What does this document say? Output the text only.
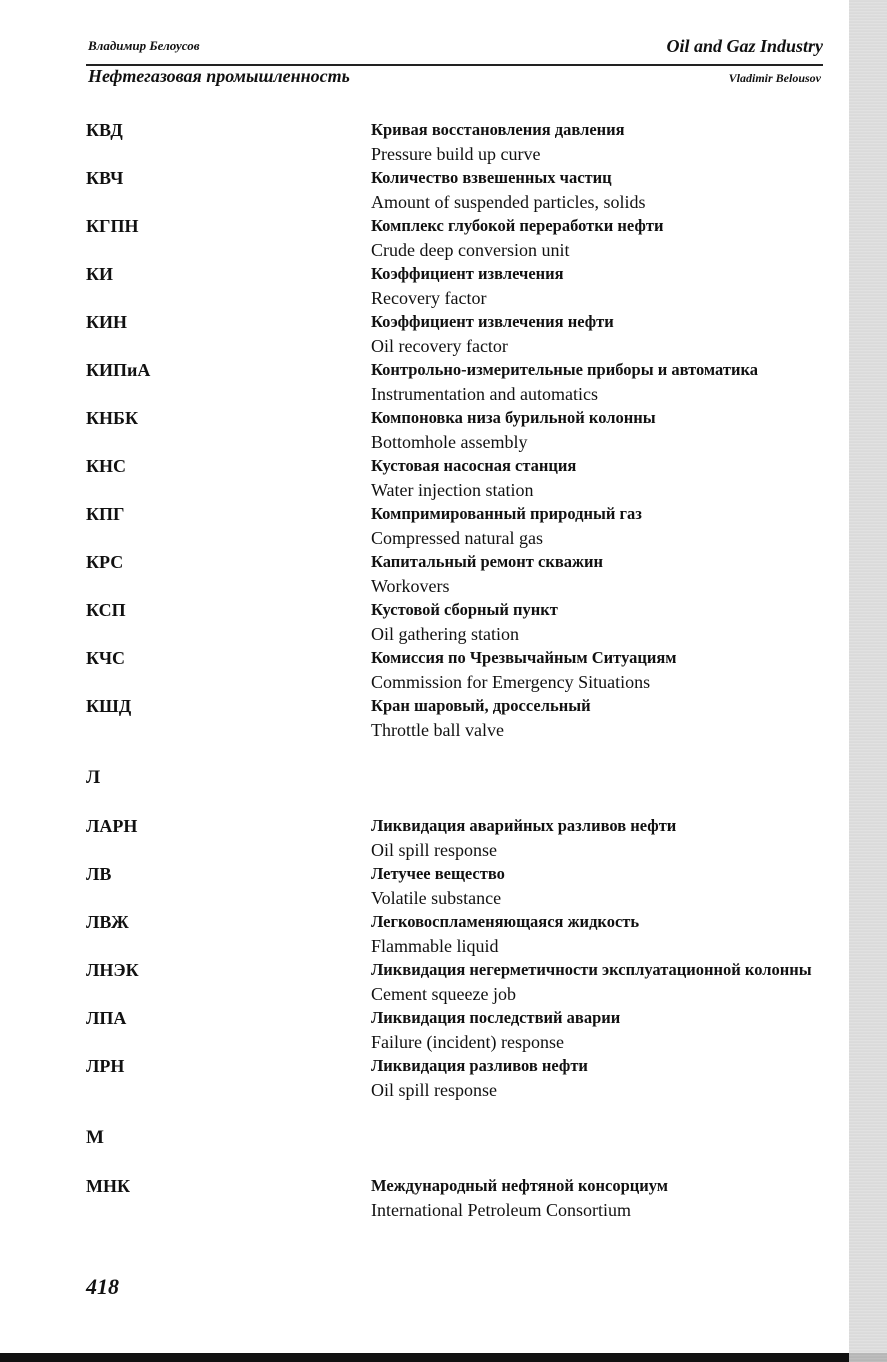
Владимир Белоусов	Oil and Gaz Industry
Нефтегазовая промышленность	Vladimir Belousov
КВД	Кривая восстановления давления
Pressure build up curve
КВЧ	Количество взвешенных частиц
Amount of suspended particles, solids
КГПН	Комплекс глубокой переработки нефти
Crude deep conversion unit
КИ	Коэффициент извлечения
Recovery factor
КИН	Коэффициент извлечения нефти
Oil recovery factor
КИПиА	Контрольно-измерительные приборы и автоматика
Instrumentation and automatics
КНБК	Компоновка низа бурильной колонны
Bottomhole assembly
КНС	Кустовая насосная станция
Water injection station
КПГ	Компримированный природный газ
Compressed natural gas
КРС	Капитальный ремонт скважин
Workovers
КСП	Кустовой сборный пункт
Oil gathering station
КЧС	Комиссия по Чрезвычайным Ситуациям
Commission for Emergency Situations
КШД	Кран шаровый, дроссельный
Throttle ball valve
Л
ЛАРН	Ликвидация аварийных разливов нефти
Oil spill response
ЛВ	Летучее вещество
Volatile substance
ЛВЖ	Легковоспламеняющаяся жидкость
Flammable liquid
ЛНЭК	Ликвидация негерметичности эксплуатационной колонны
Cement squeeze job
ЛПА	Ликвидация последствий аварии
Failure (incident) response
ЛРН	Ликвидация разливов нефти
Oil spill response
М
МНК	Международный нефтяной консорциум
International Petroleum Consortium
418
